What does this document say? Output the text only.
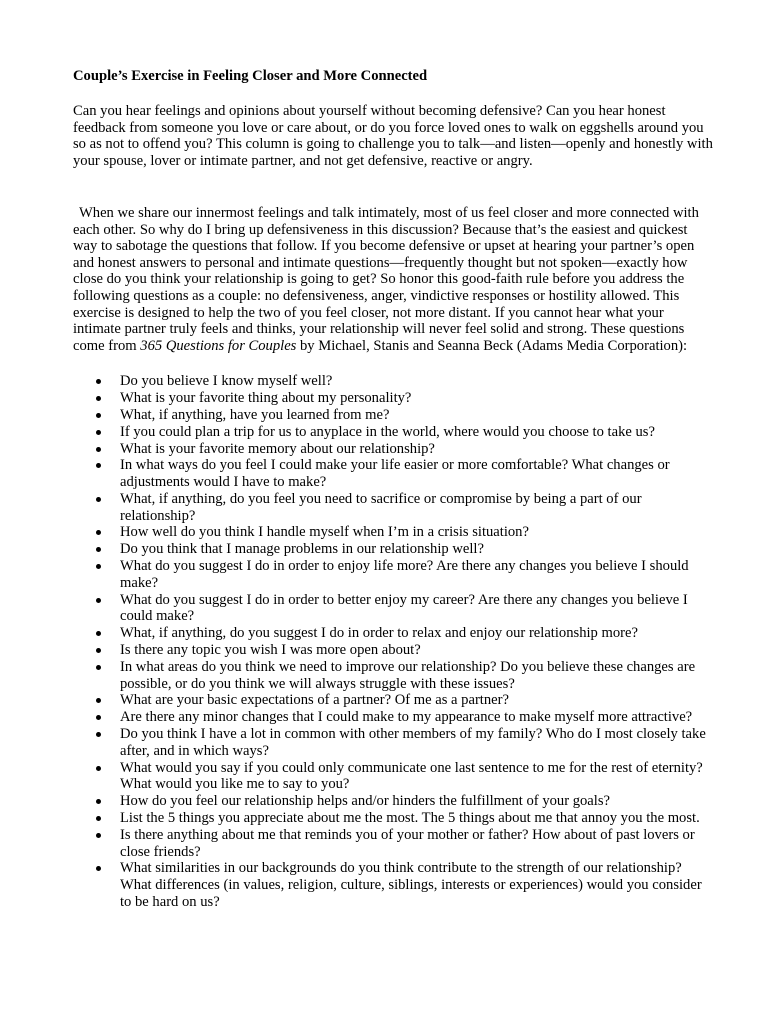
Couple’s Exercise in Feeling Closer and More Connected

Can you hear feelings and opinions about yourself without becoming defensive? Can you hear honest feedback from someone you love or care about, or do you force loved ones to walk on eggshells around you so as not to offend you? This column is going to challenge you to talk—and listen—openly and honestly with your spouse, lover or intimate partner, and not get defensive, reactive or angry.

When we share our innermost feelings and talk intimately, most of us feel closer and more connected with each other. So why do I bring up defensiveness in this discussion? Because that’s the easiest and quickest way to sabotage the questions that follow. If you become defensive or upset at hearing your partner’s open and honest answers to personal and intimate questions—frequently thought but not spoken—exactly how close do you think your relationship is going to get? So honor this good-faith rule before you address the following questions as a couple: no defensiveness, anger, vindictive responses or hostility allowed. This exercise is designed to help the two of you feel closer, not more distant. If you cannot hear what your intimate partner truly feels and thinks, your relationship will never feel solid and strong. These questions come from 365 Questions for Couples by Michael, Stanis and Seanna Beck (Adams Media Corporation):

Do you believe I know myself well?
What is your favorite thing about my personality?
What, if anything, have you learned from me?
If you could plan a trip for us to anyplace in the world, where would you choose to take us?
What is your favorite memory about our relationship?
In what ways do you feel I could make your life easier or more comfortable? What changes or adjustments would I have to make?
What, if anything, do you feel you need to sacrifice or compromise by being a part of our relationship?
How well do you think I handle myself when I’m in a crisis situation?
Do you think that I manage problems in our relationship well?
What do you suggest I do in order to enjoy life more? Are there any changes you believe I should make?
What do you suggest I do in order to better enjoy my career? Are there any changes you believe I could make?
What, if anything, do you suggest I do in order to relax and enjoy our relationship more?
Is there any topic you wish I was more open about?
In what areas do you think we need to improve our relationship? Do you believe these changes are possible, or do you think we will always struggle with these issues?
What are your basic expectations of a partner? Of me as a partner?
Are there any minor changes that I could make to my appearance to make myself more attractive?
Do you think I have a lot in common with other members of my family? Who do I most closely take after, and in which ways?
What would you say if you could only communicate one last sentence to me for the rest of eternity? What would you like me to say to you?
How do you feel our relationship helps and/or hinders the fulfillment of your goals?
List the 5 things you appreciate about me the most. The 5 things about me that annoy you the most.
Is there anything about me that reminds you of your mother or father? How about of past lovers or close friends?
What similarities in our backgrounds do you think contribute to the strength of our relationship? What differences (in values, religion, culture, siblings, interests or experiences) would you consider to be hard on us?
